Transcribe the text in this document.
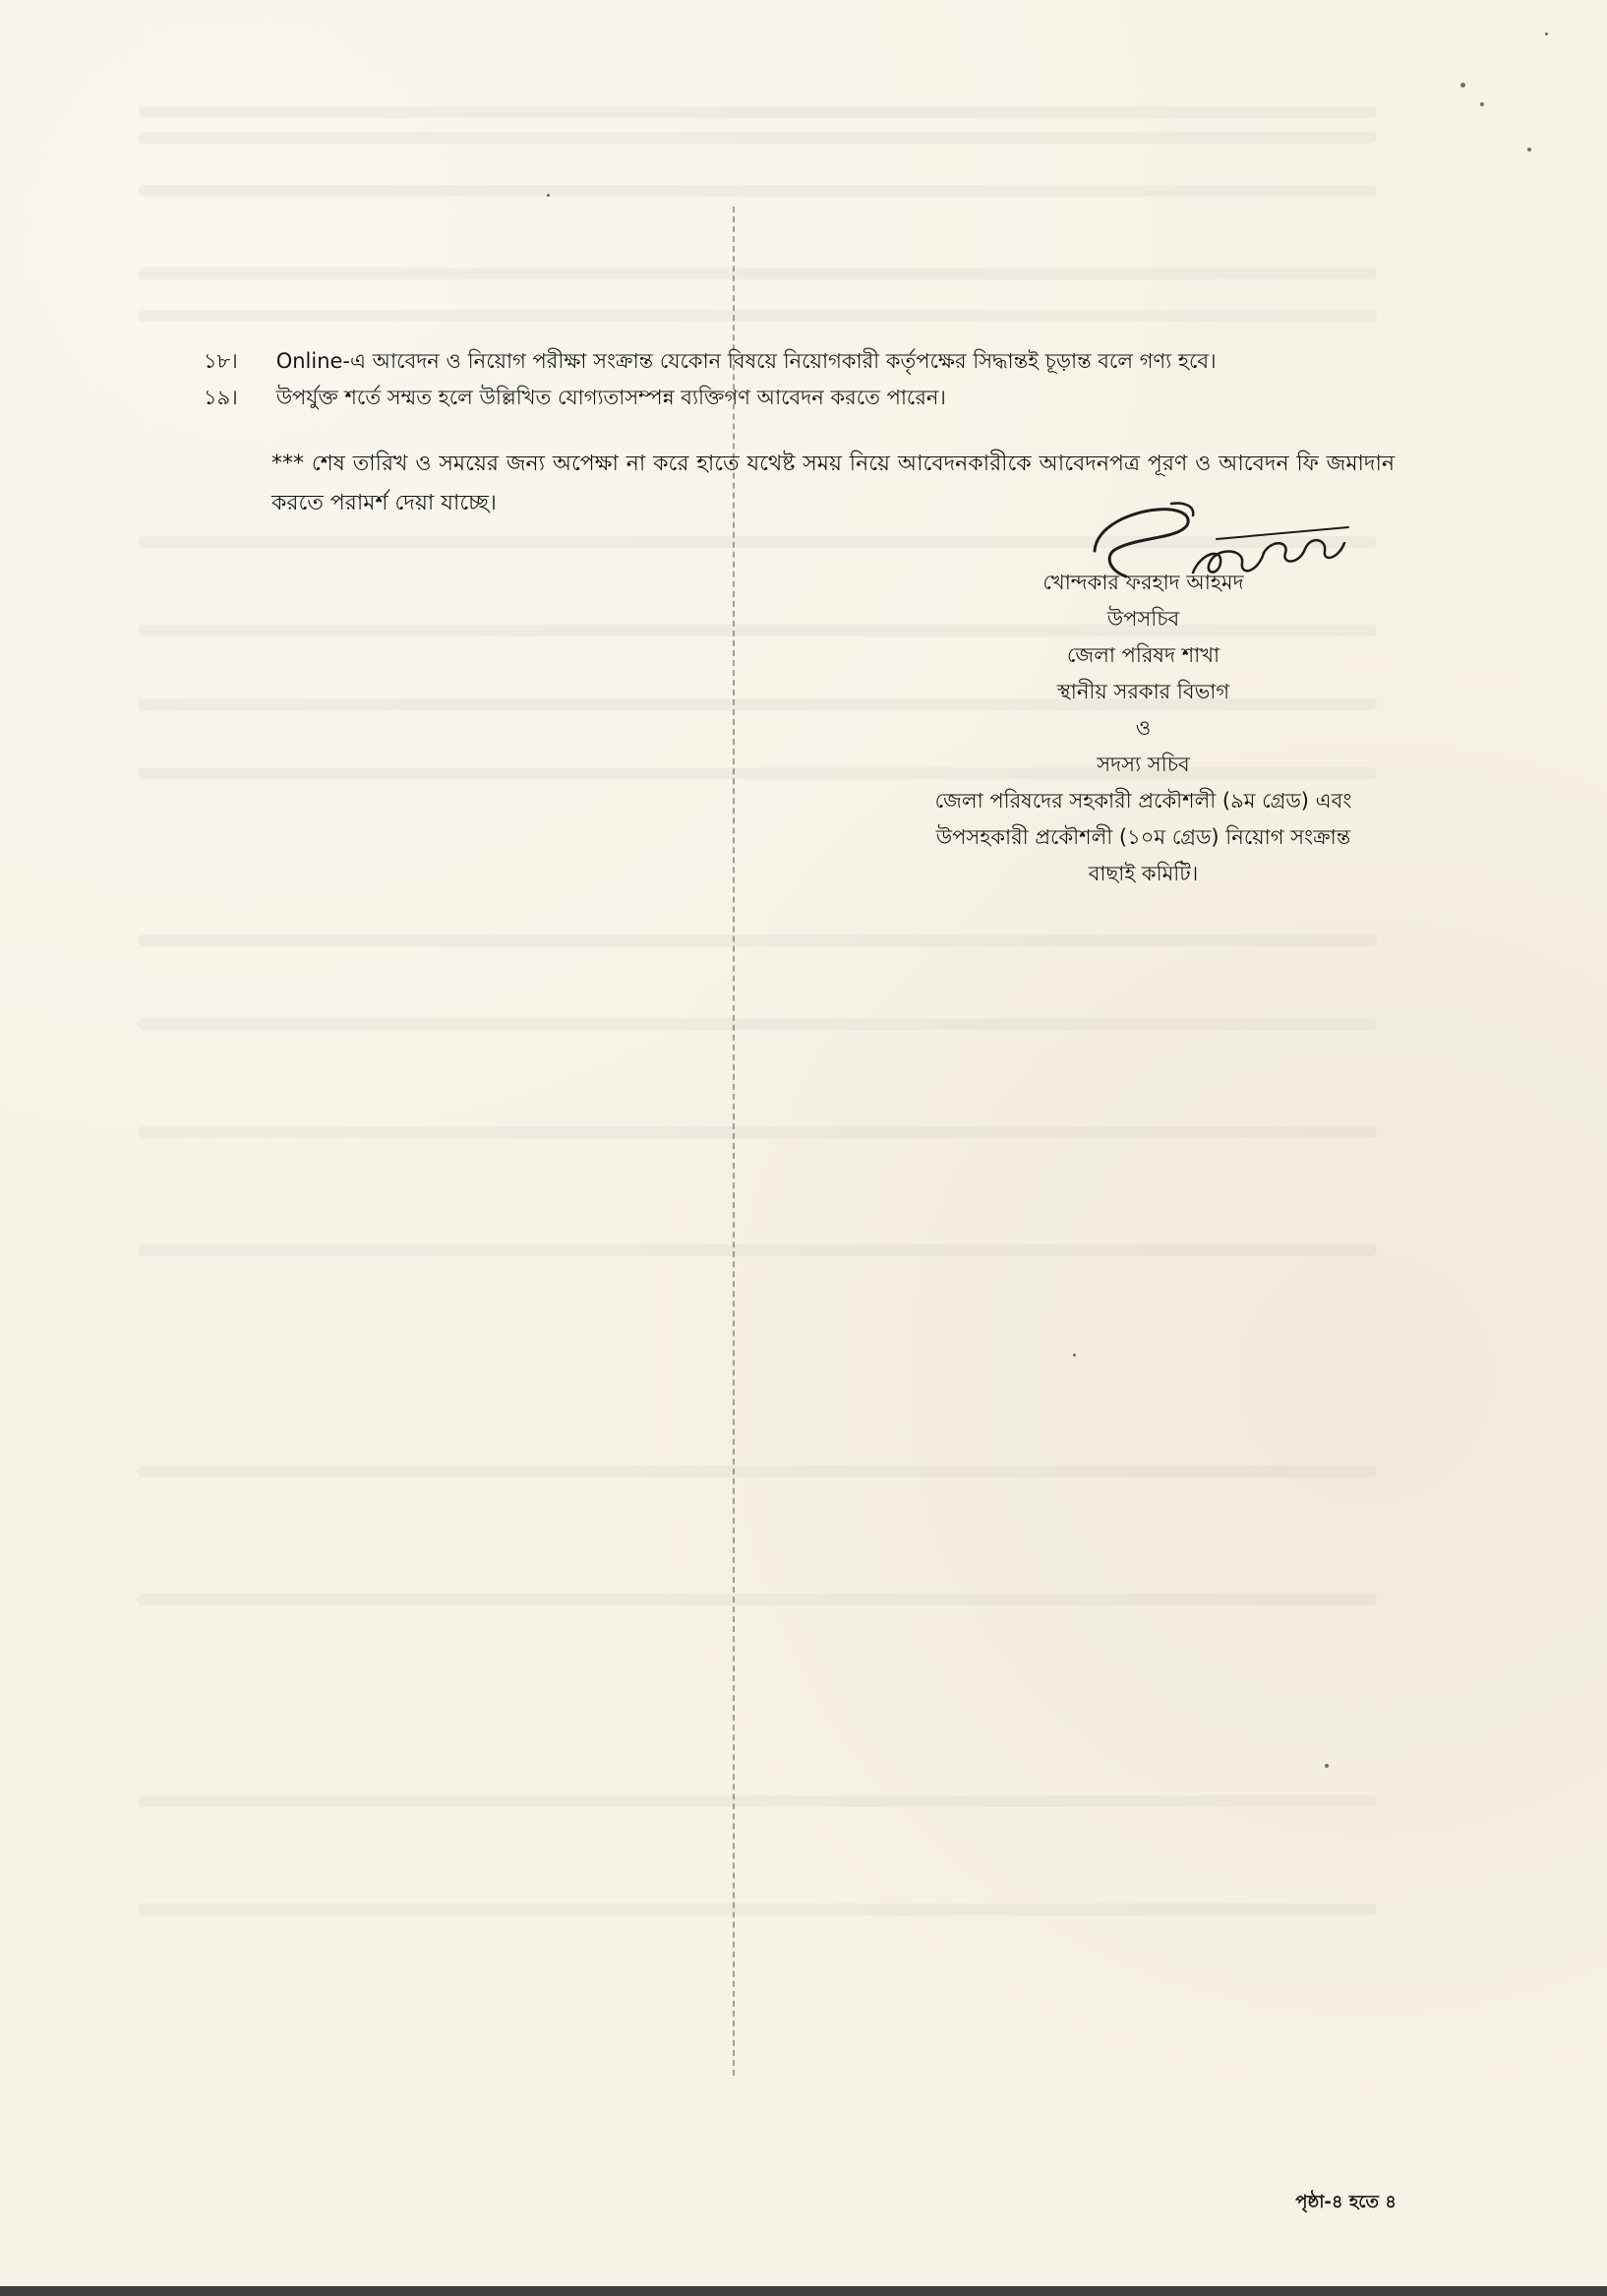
১৮। Online-এ আবেদন ও নিয়োগ পরীক্ষা সংক্রান্ত যেকোন বিষয়ে নিয়োগকারী কর্তৃপক্ষের সিদ্ধান্তই চূড়ান্ত বলে গণ্য হবে।
১৯। উপর্যুক্ত শর্তে সম্মত হলে উল্লিখিত যোগ্যতাসম্পন্ন ব্যক্তিগণ আবেদন করতে পারেন।
*** শেষ তারিখ ও সময়ের জন্য অপেক্ষা না করে হাতে যথেষ্ট সময় নিয়ে আবেদনকারীকে আবেদনপত্র পূরণ ও আবেদন ফি জমাদান করতে পরামর্শ দেয়া যাচ্ছে।
খোন্দকার ফরহাদ আহমদ
উপসচিব
জেলা পরিষদ শাখা
স্থানীয় সরকার বিভাগ
ও
সদস্য সচিব
জেলা পরিষদের সহকারী প্রকৌশলী (৯ম গ্রেড) এবং
উপসহকারী প্রকৌশলী (১০ম গ্রেড) নিয়োগ সংক্রান্ত
বাছাই কমিটি।
পৃষ্ঠা-৪ হতে ৪
